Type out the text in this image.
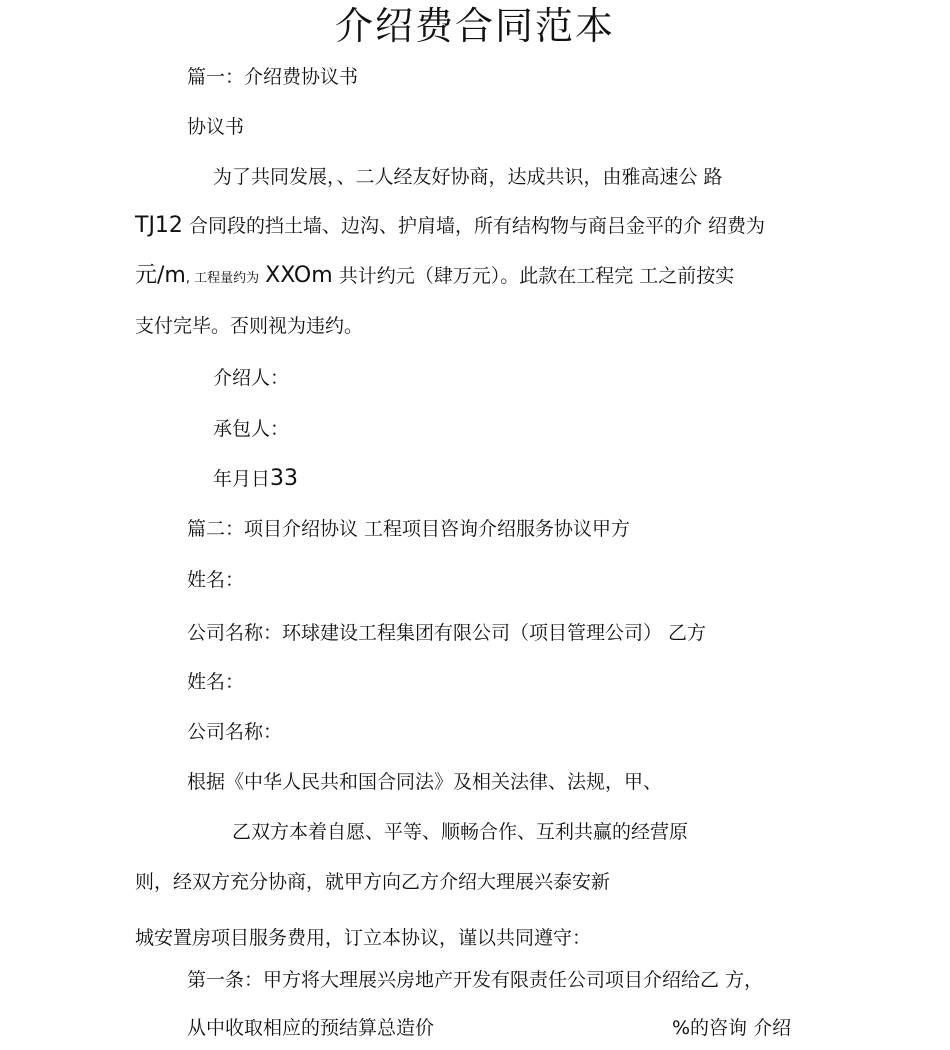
介绍费合同范本

篇一：介绍费协议书

协议书

为了共同发展，、二人经友好协商，达成共识，由雅高速公 路

TJ12 合同段的挡土墙、边沟、护肩墙，所有结构物与商吕金平的介 绍费为

元/m, 工程量约为 XXOm 共计约元（肆万元）。此款在工程完 工之前按实

支付完毕。否则视为违约。

介绍人：

承包人：

年月日33

篇二：项目介绍协议 工程项目咨询介绍服务协议甲方

姓名：

公司名称：环球建设工程集团有限公司（项目管理公司） 乙方

姓名：

公司名称：

根据《中华人民共和国合同法》及相关法律、法规，甲、

乙双方本着自愿、平等、顺畅合作、互利共赢的经营原

则，经双方充分协商，就甲方向乙方介绍大理展兴泰安新

城安置房项目服务费用，订立本协议，谨以共同遵守：

第一条：甲方将大理展兴房地产开发有限责任公司项目介绍给乙 方，

从中收取相应的预结算总造价	%的咨询 介绍
